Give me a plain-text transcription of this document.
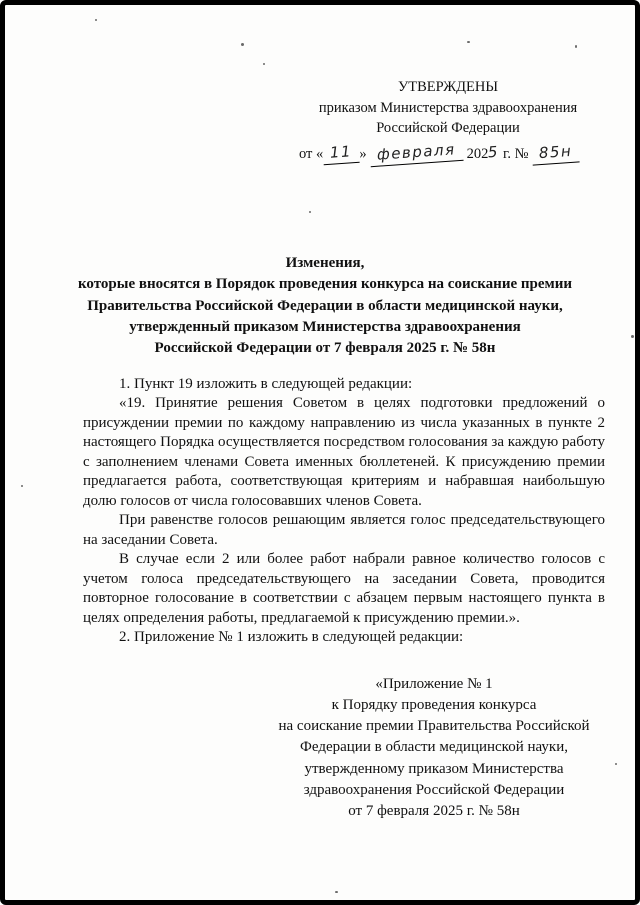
УТВЕРЖДЕНЫ
приказом Министерства здравоохранения
Российской Федерации
от « 11 » февраля 2025 г. № 85н
Изменения,
которые вносятся в Порядок проведения конкурса на соискание премии
Правительства Российской Федерации в области медицинской науки,
утвержденный приказом Министерства здравоохранения
Российской Федерации от 7 февраля 2025 г. № 58н

1. Пункт 19 изложить в следующей редакции:

«19. Принятие решения Советом в целях подготовки предложений о присуждении премии по каждому направлению из числа указанных в пункте 2 настоящего Порядка осуществляется посредством голосования за каждую работу с заполнением членами Совета именных бюллетеней. К присуждению премии предлагается работа, соответствующая критериям и набравшая наибольшую долю голосов от числа голосовавших членов Совета.

При равенстве голосов решающим является голос председательствующего на заседании Совета.

В случае если 2 или более работ набрали равное количество голосов с учетом голоса председательствующего на заседании Совета, проводится повторное голосование в соответствии с абзацем первым настоящего пункта в целях определения работы, предлагаемой к присуждению премии.».

2. Приложение № 1 изложить в следующей редакции:

«Приложение № 1
к Порядку проведения конкурса
на соискание премии Правительства Российской
Федерации в области медицинской науки,
утвержденному приказом Министерства
здравоохранения Российской Федерации
от 7 февраля 2025 г. № 58н
